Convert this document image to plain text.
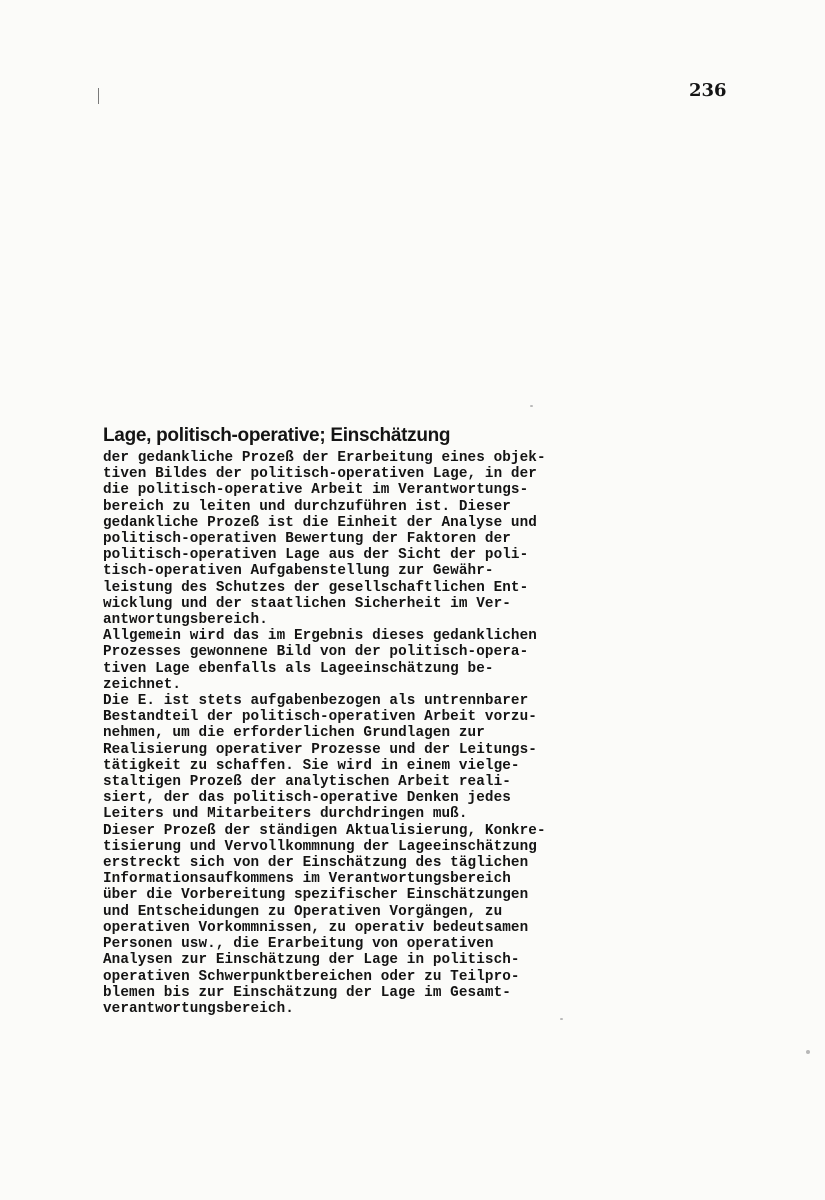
236
Lage, politisch-operative; Einschätzung

der gedankliche Prozeß der Erarbeitung eines objek-

tiven Bildes der politisch-operativen Lage, in der

die politisch-operative Arbeit im Verantwortungs-

bereich zu leiten und durchzuführen ist. Dieser

gedankliche Prozeß ist die Einheit der Analyse und

politisch-operativen Bewertung der Faktoren der

politisch-operativen Lage aus der Sicht der poli-

tisch-operativen Aufgabenstellung zur Gewähr-

leistung des Schutzes der gesellschaftlichen Ent-

wicklung und der staatlichen Sicherheit im Ver-

antwortungsbereich.

Allgemein wird das im Ergebnis dieses gedanklichen

Prozesses gewonnene Bild von der politisch-opera-

tiven Lage ebenfalls als Lageeinschätzung be-

zeichnet.

Die E. ist stets aufgabenbezogen als untrennbarer

Bestandteil der politisch-operativen Arbeit vorzu-

nehmen, um die erforderlichen Grundlagen zur

Realisierung operativer Prozesse und der Leitungs-

tätigkeit zu schaffen. Sie wird in einem vielge-

staltigen Prozeß der analytischen Arbeit reali-

siert, der das politisch-operative Denken jedes

Leiters und Mitarbeiters durchdringen muß.

Dieser Prozeß der ständigen Aktualisierung, Konkre-

tisierung und Vervollkommnung der Lageeinschätzung

erstreckt sich von der Einschätzung des täglichen

Informationsaufkommens im Verantwortungsbereich

über die Vorbereitung spezifischer Einschätzungen

und Entscheidungen zu Operativen Vorgängen, zu

operativen Vorkommnissen, zu operativ bedeutsamen

Personen usw., die Erarbeitung von operativen

Analysen zur Einschätzung der Lage in politisch-

operativen Schwerpunktbereichen oder zu Teilpro-

blemen bis zur Einschätzung der Lage im Gesamt-

verantwortungsbereich.
